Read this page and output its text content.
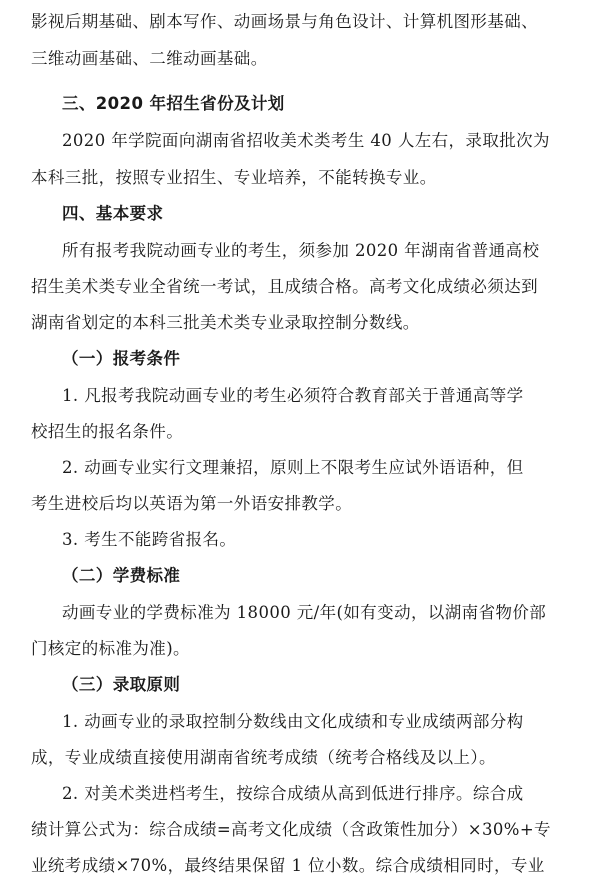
影视后期基础、剧本写作、动画场景与角色设计、计算机图形基础、
三维动画基础、二维动画基础。
三、2020 年招生省份及计划
2020 年学院面向湖南省招收美术类考生 40 人左右，录取批次为
本科三批，按照专业招生、专业培养，不能转换专业。
四、基本要求
所有报考我院动画专业的考生，须参加 2020 年湖南省普通高校
招生美术类专业全省统一考试，且成绩合格。高考文化成绩必须达到
湖南省划定的本科三批美术类专业录取控制分数线。
（一）报考条件
1. 凡报考我院动画专业的考生必须符合教育部关于普通高等学
校招生的报名条件。
2. 动画专业实行文理兼招，原则上不限考生应试外语语种，但
考生进校后均以英语为第一外语安排教学。
3. 考生不能跨省报名。
（二）学费标准
动画专业的学费标准为 18000 元/年(如有变动，以湖南省物价部
门核定的标准为准)。
（三）录取原则
1. 动画专业的录取控制分数线由文化成绩和专业成绩两部分构
成，专业成绩直接使用湖南省统考成绩（统考合格线及以上）。
2. 对美术类进档考生，按综合成绩从高到低进行排序。综合成
绩计算公式为：综合成绩=高考文化成绩（含政策性加分）×30%+专
业统考成绩×70%，最终结果保留 1 位小数。综合成绩相同时，专业
